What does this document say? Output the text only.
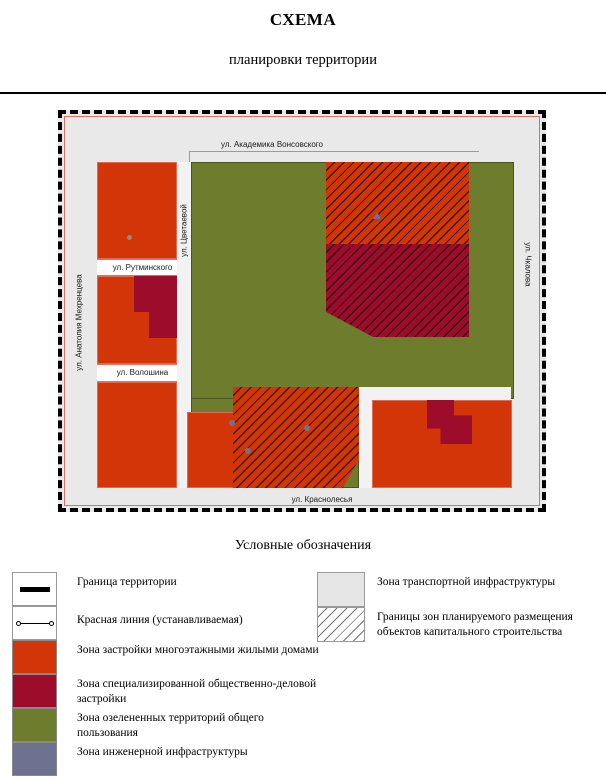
СХЕМА
планировки территории
ул. Академика Вонсовского
ул. Анатолия Мехренцева
ул. Цветаевой
ул. Чкалова
ул. Рутминского
ул. Волошина
ул. Краснолесья
Условные обозначения
Граница территории
Красная линия (устанавливаемая)
Зона застройки многоэтажными жилыми домами
Зона специализированной общественно-деловой застройки
Зона озелененных территорий общего пользования
Зона инженерной инфраструктуры
Зона транспортной инфраструктуры
Границы зон планируемого размещения объектов капитального строительства
